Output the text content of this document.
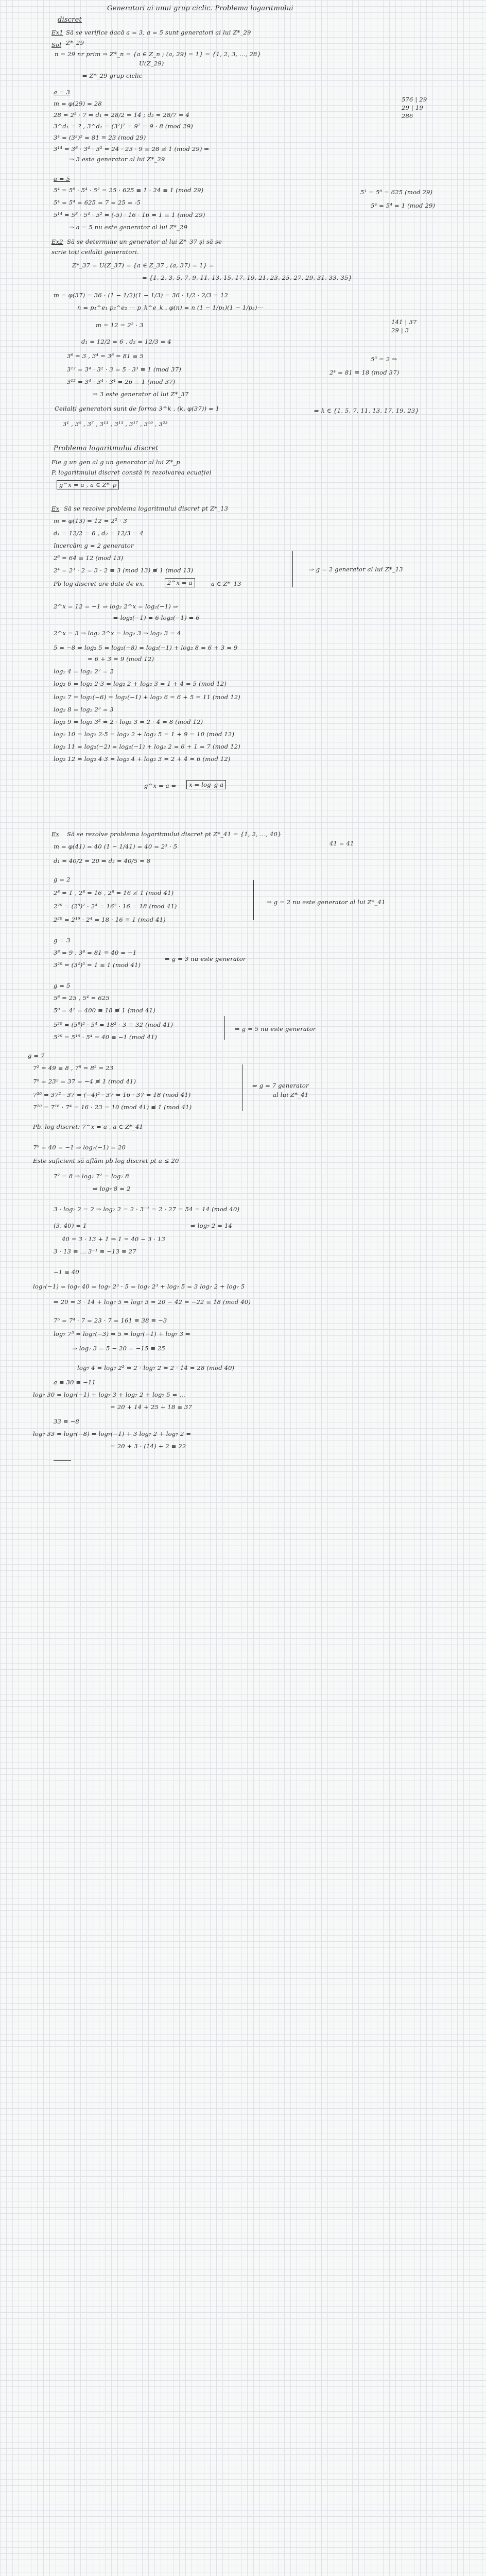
Generatori ai unui grup ciclic. Problema logaritmului
discret
Ex1 Să se verifice dacă a = 3, a = 5 sunt generatori ai lui Z*_29
Sol Z*_29
n = 29 nr prim ⇒ Z*_n = {a ∈ Z_n ; (a, 29) = 1} = {1, 2, 3, ..., 28}
U(Z_29)
⇒ Z*_29 grup ciclic
a = 3
m = φ(29) = 28
28 = 2² · 7 ⇒ d₁ = 28/2 = 14 ; d₂ = 28/7 = 4
3^d₁ = ? , 3^d₂ = (3²)⁷ = 9⁷ = 9 · 8 (mod 29)
3⁴ = (3²)² = 81 ≡ 23 (mod 29)
3¹⁴ = 3⁸ · 3⁴ · 3² = 24 · 23 · 9 ≡ 28 ≢ 1 (mod 29) ⇒
⇒ 3 este generator al lui Z*_29
576 | 29
29 | 19
286
a = 5
5⁴ = 5⁸ · 5⁴ · 5² = 25 · 625 ≡ 1 · 24 ≡ 1 (mod 29)
5⁴ = 5⁴ = 625 = 7 = 25 = -5
5¹⁴ = 5⁸ · 5⁴ · 5² = (-5) · 16 · 16 = 1 ≡ 1 (mod 29)
⇒ a = 5 nu este generator al lui Z*_29
5¹ = 5⁸ = 625 (mod 29)
5⁴ = 5⁴ = 1 (mod 29)
Ex2 Să se determine un generator al lui Z*_37 și să se
scrie toți ceilalți generatori.
Z*_37 = U(Z_37) = {a ∈ Z_37 , (a, 37) = 1} =
= {1, 2, 3, 5, 7, 9, 11, 13, 15, 17, 19, 21, 23, 25, 27, 29, 31, 33, 35}
m = φ(37) = 36 · (1 − 1/2)(1 − 1/3) = 36 · 1/2 · 2/3 = 12
n = p₁^e₁ p₂^e₂ ··· p_k^e_k , φ(n) = n (1 − 1/p₁)(1 − 1/p₂)···
m = 12 = 2² · 3
d₁ = 12/2 = 6 , d₂ = 12/3 = 4
3⁶ = 3 , 3⁴ = 3⁸ = 81 ≡ 5
3¹² = 3⁴ · 3² · 3 = 5 · 3³ ≡ 1 (mod 37)
3¹² = 3⁴ · 3⁴ · 3⁴ = 26 ≡ 1 (mod 37)
⇒ 3 este generator al lui Z*_37
Ceilalți generatori sunt de forma 3^k , (k, φ(37)) = 1
3¹ , 3⁵ , 3⁷ , 3¹¹ , 3¹³ , 3¹⁷ , 3¹⁹ , 3²³
141 | 37
29 | 3
5³ = 2 ⇒
⇒ k ∈ {1, 5, 7, 11, 13, 17, 19, 23}
2⁴ = 81 ≡ 18 (mod 37)
Problema logaritmului discret
Fie g un gen al g un generator al lui Z*_p
P. logaritmului discret constă în rezolvarea ecuației
g^x = a , a ∈ Z*_p
Ex Să se rezolve problema logaritmului discret pt Z*_13
m = φ(13) = 12 = 2² · 3
d₁ = 12/2 = 6 , d₂ = 12/3 = 4
încercăm g = 2 generator
2⁶ = 64 ≡ 12 (mod 13)
2⁴ = 2³ · 2 = 3 · 2 ≡ 3 (mod 13) ≢ 1 (mod 13)
Pb log discret are date de ex.	2^x = a	a ∈ Z*_13
⇒ g = 2 generator al lui Z*_13
2^x = 12 = −1 ⇒ log₂ 2^x = log₂(−1) ⇒
⇒ log₂(−1) = 6 log₂(−1) = 6
2^x = 3 ⇒ log₂ 2^x = log₂ 3 ⇒ log₂ 3 = 4
5 = −8 ⇒ log₂ 5 = log₂(−8) = log₂(−1) + log₂ 8 = 6 + 3 = 9
= 6 + 3 = 9 (mod 12)
log₂ 4 = log₂ 2² = 2
log₂ 6 = log₂ 2·3 = log₂ 2 + log₂ 3 = 1 + 4 = 5 (mod 12)
log₂ 7 = log₂(−6) = log₂(−1) + log₂ 6 = 6 + 5 = 11 (mod 12)
log₂ 8 = log₂ 2³ = 3
log₂ 9 = log₂ 3² = 2 · log₂ 3 = 2 · 4 = 8 (mod 12)
log₂ 10 = log₂ 2·5 = log₂ 2 + log₂ 5 = 1 + 9 = 10 (mod 12)
log₂ 11 = log₂(−2) = log₂(−1) + log₂ 2 = 6 + 1 = 7 (mod 12)
log₂ 12 = log₂ 4·3 = log₂ 4 + log₂ 3 = 2 + 4 = 6 (mod 12)
g^x = a ⇔	x = log_g a
Ex Să se rezolve problema logaritmului discret pt Z*_41 = {1, 2, ..., 40}
41 = 41
m = φ(41) = 40 (1 − 1/41) = 40 = 2³ · 5
d₁ = 40/2 = 20 ⇒ d₂ = 40/5 = 8
g = 2
2⁸ = 1 , 2⁸ = 16 , 2⁸ = 16 ≢ 1 (mod 41)
2²⁰ = (2⁸)² · 2⁴ = 16² · 16 = 18 (mod 41)
2²⁰ = 2¹⁶ · 2⁴ = 18 · 16 ≡ 1 (mod 41)
⇒ g = 2 nu este generator al lui Z*_41
g = 3
3⁸ = 9 , 3⁸ = 81 ≡ 40 = −1
3²⁰ = (3⁴)⁵ = 1 ≡ 1 (mod 41)
⇒ g = 3 nu este generator
g = 5
5⁸ = 25 , 5⁴ = 625
5⁸ = 4² = 400 ≡ 18 ≢ 1 (mod 41)
5²⁰ = (5⁸)² · 5⁴ = 18² · 3 ≡ 32 (mod 41)
5²⁰ = 5¹⁶ · 5⁴ = 40 ≡ −1 (mod 41)
⇒ g = 5 nu este generator
g = 7
7² = 49 ≡ 8 , 7⁸ = 8² = 23
7⁸ = 23² = 37 = −4 ≢ 1 (mod 41)
7²⁰ = 37² · 37 = (−4)² · 37 = 16 · 37 = 18 (mod 41)
7²⁰ = 7¹⁶ · 7⁴ = 16 · 23 = 10 (mod 41) ≢ 1 (mod 41)
⇒ g = 7 generator
al lui Z*_41
Pb. log discret: 7^x = a , a ∈ Z*_41
7⁰ = 40 = −1 ⇒ log₇(−1) = 20
Este suficient să aflăm pb log discret pt a ≤ 20
7² = 8 ⇒ log₇ 7² = log₇ 8
⇒ log₇ 8 = 2
3 · log₇ 2 = 2 ⇒ log₇ 2 = 2 · 3⁻¹ = 2 · 27 = 54 = 14 (mod 40)
(3, 40) = 1	⇒ log₇ 2 = 14
40 = 3 · 13 + 1 ⇒ 1 = 40 − 3 · 13
3 · 13 ≡ ... 3⁻¹ ≡ −13 ≡ 27
−1 ≡ 40
log₇(−1) = log₇ 40 = log₇ 2³ · 5 = log₇ 2³ + log₇ 5 = 3 log₇ 2 + log₇ 5
⇒ 20 = 3 · 14 + log₇ 5 ⇒ log₇ 5 = 20 − 42 = −22 ≡ 18 (mod 40)
7⁵ = 7⁴ · 7 = 23 · 7 = 161 ≡ 38 ≡ −3
log₇ 7⁵ = log₇(−3) ⇒ 5 = log₇(−1) + log₇ 3 ⇒
⇒ log₇ 3 = 5 − 20 = −15 ≡ 25
log₇ 4 = log₇ 2² = 2 · log₇ 2 = 2 · 14 = 28 (mod 40)
a ≡ 30 ≡ −11
log₇ 30 = log₇(−1) + log₇ 3 + log₇ 2 + log₇ 5 = ...
= 20 + 14 + 25 + 18 ≡ 37
33 ≡ −8
log₇ 33 = log₇(−8) = log₇(−1) + 3 log₇ 2 + log₇ 2 =
= 20 + 3 · (14) + 2 ≡ 22
